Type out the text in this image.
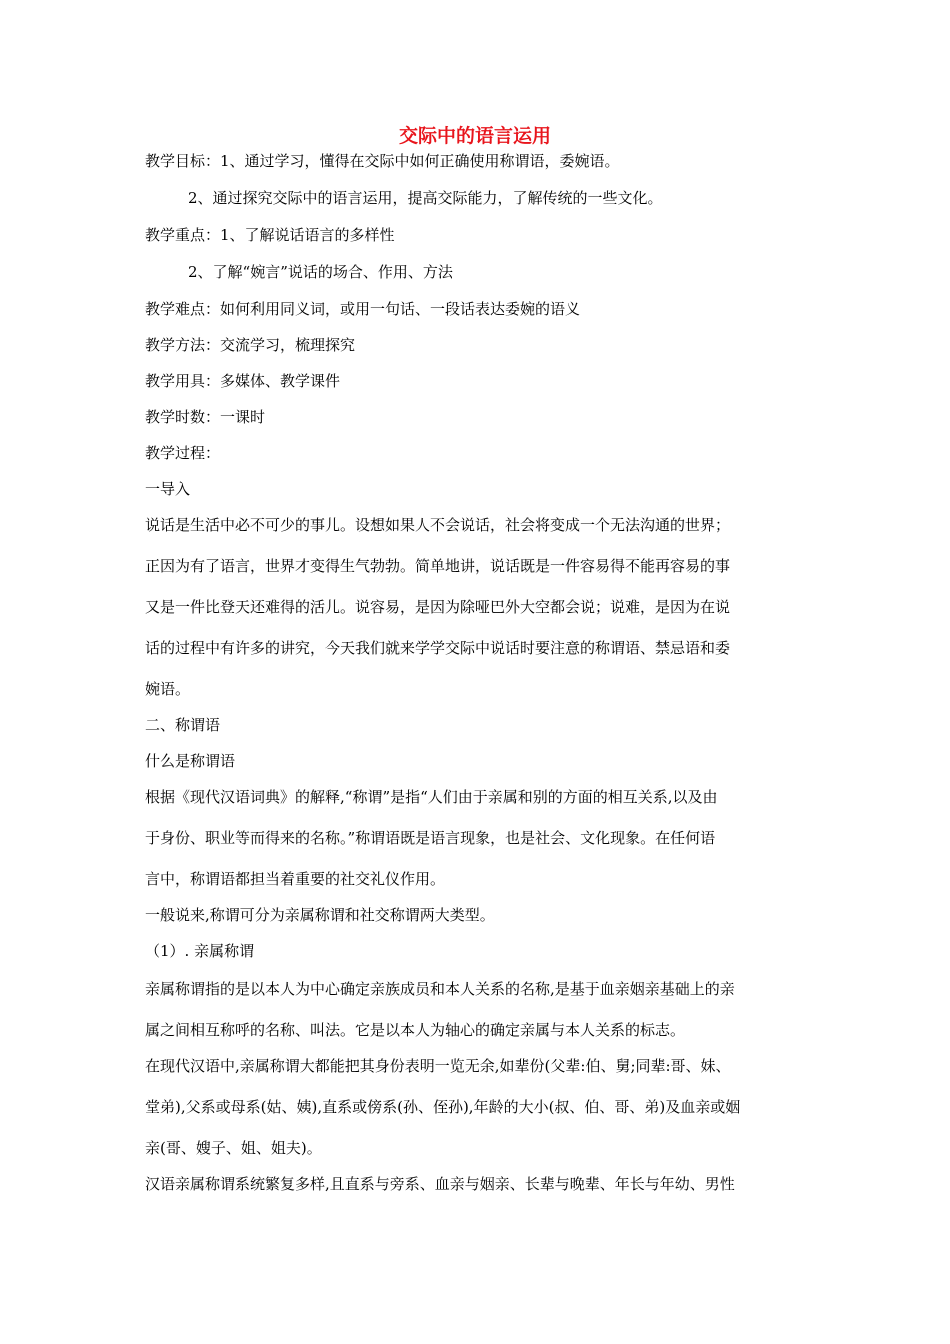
交际中的语言运用
教学目标：1、通过学习，懂得在交际中如何正确使用称谓语，委婉语。
2、通过探究交际中的语言运用，提高交际能力，了解传统的一些文化。
教学重点：1、了解说话语言的多样性
2、了解“婉言”说话的场合、作用、方法
教学难点：如何利用同义词，或用一句话、一段话表达委婉的语义
教学方法：交流学习，梳理探究
教学用具：多媒体、教学课件
教学时数：一课时
教学过程：
一导入
说话是生活中必不可少的事儿。设想如果人不会说话，社会将变成一个无法沟通的世界；
正因为有了语言，世界才变得生气勃勃。简单地讲，说话既是一件容易得不能再容易的事
又是一件比登天还难得的活儿。说容易，是因为除哑巴外大空都会说；说难，是因为在说
话的过程中有许多的讲究，今天我们就来学学交际中说话时要注意的称谓语、禁忌语和委
婉语。
二、称谓语
什么是称谓语
根据《现代汉语词典》的解释,“称谓”是指“人们由于亲属和别的方面的相互关系,以及由
于身份、职业等而得来的名称。”称谓语既是语言现象，也是社会、文化现象。在任何语
言中，称谓语都担当着重要的社交礼仪作用。
一般说来,称谓可分为亲属称谓和社交称谓两大类型。
（1）. 亲属称谓
亲属称谓指的是以本人为中心确定亲族成员和本人关系的名称,是基于血亲姻亲基础上的亲
属之间相互称呼的名称、叫法。它是以本人为轴心的确定亲属与本人关系的标志。
在现代汉语中,亲属称谓大都能把其身份表明一览无余,如辈份(父辈:伯、舅;同辈:哥、妹、
堂弟),父系或母系(姑、姨),直系或傍系(孙、侄孙),年龄的大小(叔、伯、哥、弟)及血亲或姻
亲(哥、嫂子、姐、姐夫)。
汉语亲属称谓系统繁复多样,且直系与旁系、血亲与姻亲、长辈与晚辈、年长与年幼、男性
